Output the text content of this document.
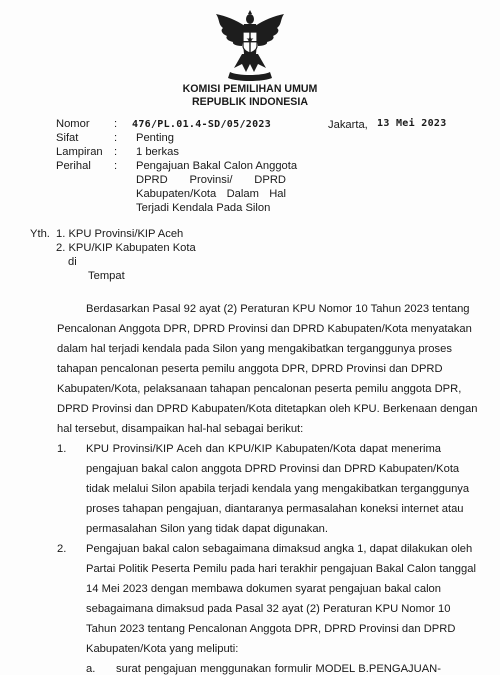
KOMISI PEMILIHAN UMUM
REPUBLIK INDONESIA
Nomor : 476/PL.01.4-SD/05/2023	Jakarta, 13 Mei 2023
Sifat	: Penting
Lampiran : 1 berkas
Perihal : Pengajuan Bakal Calon Anggota
DPRD Provinsi/ DPRD
Kabupaten/Kota Dalam Hal
Terjadi Kendala Pada Silon
Yth. 1. KPU Provinsi/KIP Aceh
2. KPU/KIP Kabupaten Kota
di
Tempat
Berdasarkan Pasal 92 ayat (2) Peraturan KPU Nomor 10 Tahun 2023 tentang
Pencalonan Anggota DPR, DPRD Provinsi dan DPRD Kabupaten/Kota menyatakan
dalam hal terjadi kendala pada Silon yang mengakibatkan terganggunya proses
tahapan pencalonan peserta pemilu anggota DPR, DPRD Provinsi dan DPRD
Kabupaten/Kota, pelaksanaan tahapan pencalonan peserta pemilu anggota DPR,
DPRD Provinsi dan DPRD Kabupaten/Kota ditetapkan oleh KPU. Berkenaan dengan
hal tersebut, disampaikan hal-hal sebagai berikut:
1. KPU Provinsi/KIP Aceh dan KPU/KIP Kabupaten/Kota dapat menerima
pengajuan bakal calon anggota DPRD Provinsi dan DPRD Kabupaten/Kota
tidak melalui Silon apabila terjadi kendala yang mengakibatkan terganggunya
proses tahapan pengajuan, diantaranya permasalahan koneksi internet atau
permasalahan Silon yang tidak dapat digunakan.
2. Pengajuan bakal calon sebagaimana dimaksud angka 1, dapat dilakukan oleh
Partai Politik Peserta Pemilu pada hari terakhir pengajuan Bakal Calon tanggal
14 Mei 2023 dengan membawa dokumen syarat pengajuan bakal calon
sebagaimana dimaksud pada Pasal 32 ayat (2) Peraturan KPU Nomor 10
Tahun 2023 tentang Pencalonan Anggota DPR, DPRD Provinsi dan DPRD
Kabupaten/Kota yang meliputi:
a. surat pengajuan menggunakan formulir MODEL B.PENGAJUAN-
